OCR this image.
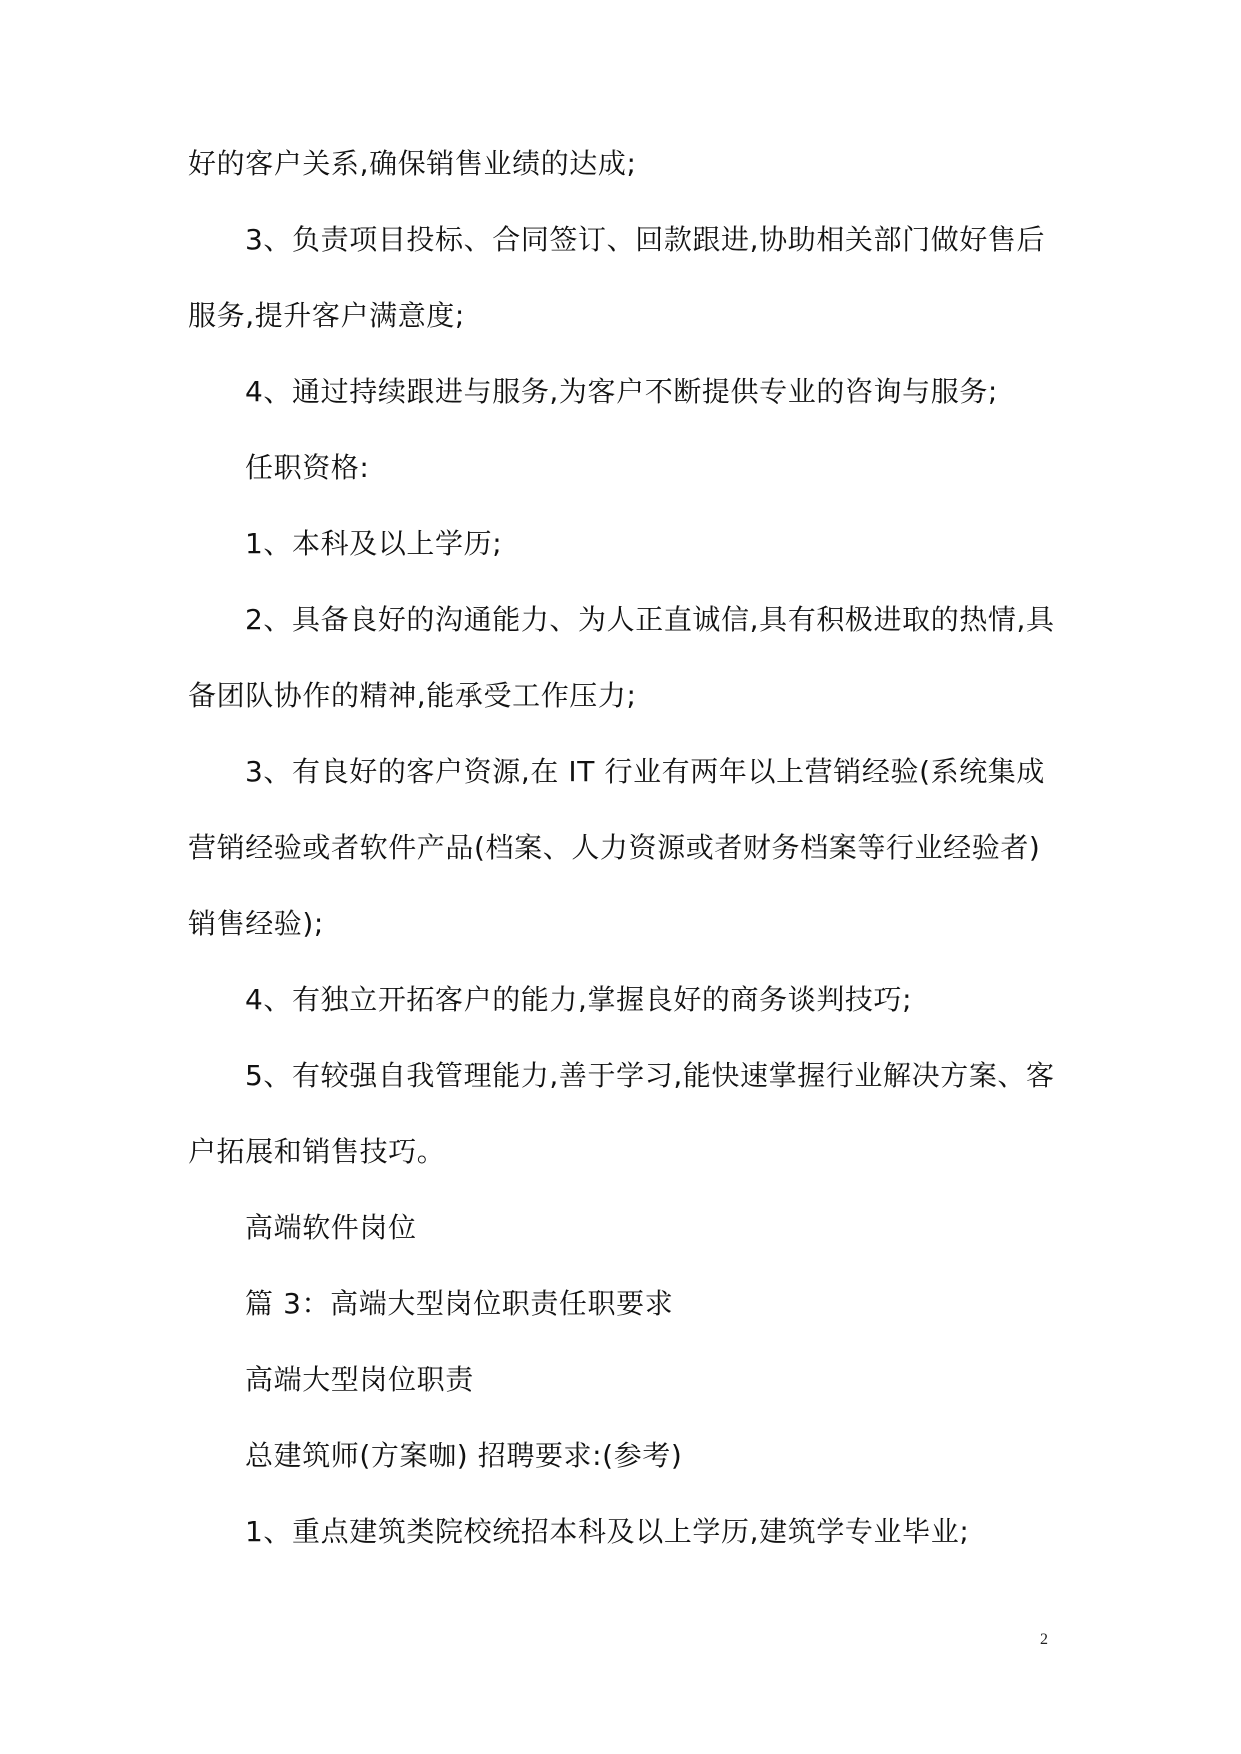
好的客户关系,确保销售业绩的达成;
3、负责项目投标、合同签订、回款跟进,协助相关部门做好售后
服务,提升客户满意度;
4、通过持续跟进与服务,为客户不断提供专业的咨询与服务;
任职资格:
1、本科及以上学历;
2、具备良好的沟通能力、为人正直诚信,具有积极进取的热情,具
备团队协作的精神,能承受工作压力;
3、有良好的客户资源,在 IT 行业有两年以上营销经验(系统集成
营销经验或者软件产品(档案、人力资源或者财务档案等行业经验者)
销售经验);
4、有独立开拓客户的能力,掌握良好的商务谈判技巧;
5、有较强自我管理能力,善于学习,能快速掌握行业解决方案、客
户拓展和销售技巧。
高端软件岗位
篇 3：高端大型岗位职责任职要求
高端大型岗位职责
总建筑师(方案咖) 招聘要求:(参考)
1、重点建筑类院校统招本科及以上学历,建筑学专业毕业;
2
